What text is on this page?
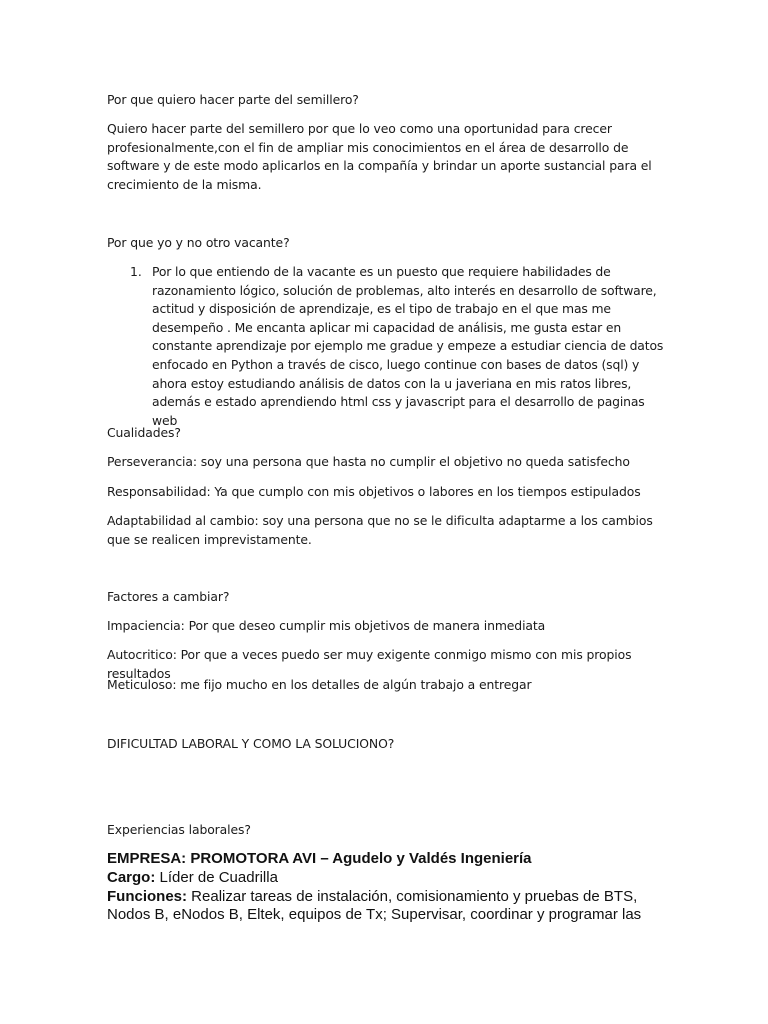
Por que quiero hacer parte del semillero?

Quiero hacer parte del semillero por que lo veo como una oportunidad para crecer profesionalmente,con el fin de ampliar mis conocimientos en el área de desarrollo de software y de este modo aplicarlos en la compañía y brindar un aporte sustancial para el crecimiento de la misma.

Por que yo y no otro vacante?

1. Por lo que entiendo de la vacante es un puesto que requiere habilidades de razonamiento lógico, solución de problemas, alto interés en desarrollo de software, actitud y disposición de aprendizaje, es el tipo de trabajo en el que mas me desempeño . Me encanta aplicar mi capacidad de análisis, me gusta estar en constante aprendizaje por ejemplo me gradue y empeze a estudiar ciencia de datos enfocado en Python a través de cisco, luego continue con bases de datos (sql) y ahora estoy estudiando análisis de datos con la u javeriana en mis ratos libres, además e estado aprendiendo html css y javascript para el desarrollo de paginas web

Cualidades?

Perseverancia: soy una persona que hasta no cumplir el objetivo no queda satisfecho

Responsabilidad: Ya que cumplo con mis objetivos o labores en los tiempos estipulados

Adaptabilidad al cambio: soy una persona que no se le dificulta adaptarme a los cambios que se realicen imprevistamente.

Factores a cambiar?

Impaciencia: Por que deseo cumplir mis objetivos de manera inmediata

Autocritico: Por que a veces puedo ser muy exigente conmigo mismo con mis propios resultados

Meticuloso: me fijo mucho en los detalles de algún trabajo a entregar

DIFICULTAD LABORAL Y COMO LA SOLUCIONO?

Experiencias laborales?

EMPRESA: PROMOTORA AVI – Agudelo y Valdés Ingeniería
Cargo: Líder de Cuadrilla
Funciones: Realizar tareas de instalación, comisionamiento y pruebas de BTS,
Nodos B, eNodos B, Eltek, equipos de Tx; Supervisar, coordinar y programar las
